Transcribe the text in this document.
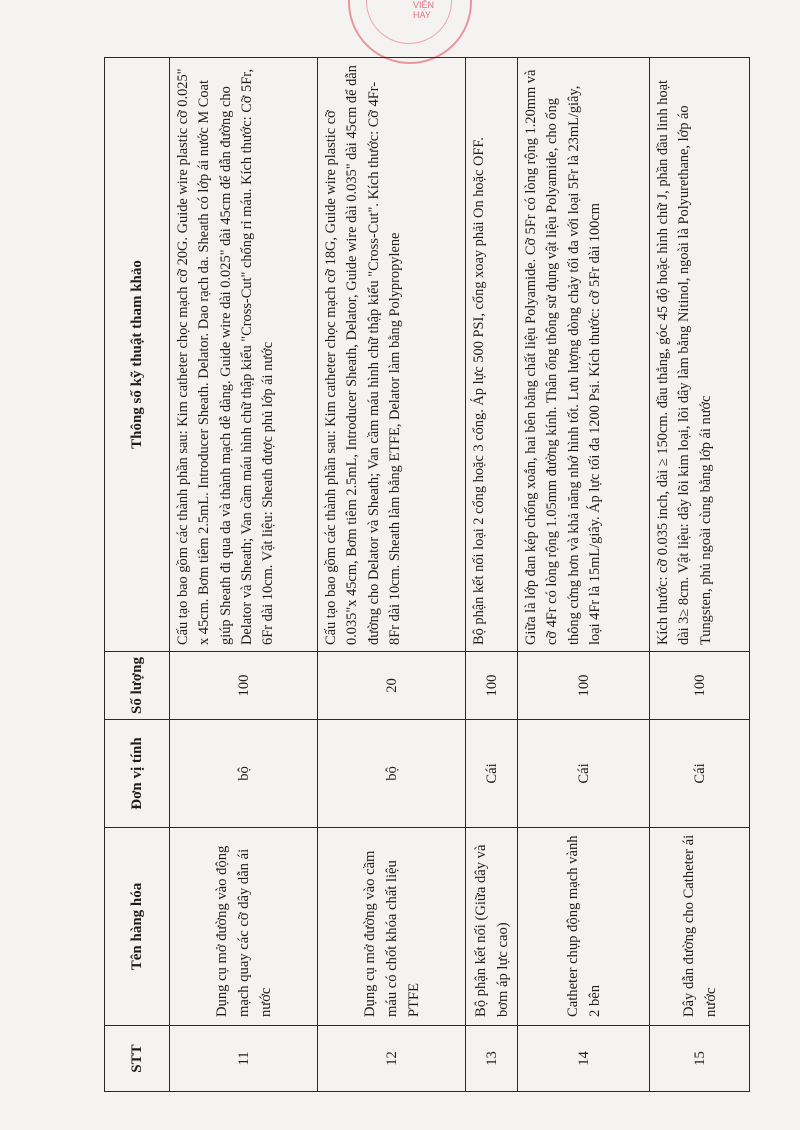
VIỆN
HAY
STT	Tên hàng hóa	Đơn vị tính	Số lượng	Thông số kỹ thuật tham khảo
11	Dụng cụ mở đường vào động mạch quay các cỡ dây dẫn ái nước	bộ	100	Cấu tạo bao gồm các thành phần sau: Kim catheter chọc mạch cỡ 20G. Guide wire plastic cỡ 0.025" x 45cm. Bơm tiêm 2.5mL. Introducer Sheath. Delator. Dao rạch da. Sheath có lớp ái nước M Coat giúp Sheath đi qua da và thành mạch dễ dàng. Guide wire dài 0.025" dài 45cm để dẫn đường cho Delator và Sheath; Van cầm máu hình chữ thập kiểu "Cross-Cut" chống rỉ máu. Kích thước: Cỡ 5Fr, 6Fr dài 10cm. Vật liệu: Sheath được phủ lớp ái nước
12	Dụng cụ mở đường vào cầm máu có chốt khóa chất liệu PTFE	bộ	20	Cấu tạo bao gồm các thành phần sau: Kim catheter chọc mạch cỡ 18G, Guide wire plastic cỡ 0.035"x 45cm, Bơm tiêm 2.5mL, Introducer Sheath, Delator, Guide wire dài 0.035" dài 45cm để dẫn đường cho Delator và Sheath; Van cầm máu hình chữ thập kiểu "Cross-Cut". Kích thước: Cỡ 4Fr-8Fr dài 10cm. Sheath làm bằng ETFE, Delator làm bằng Polypropylene
13	Bộ phận kết nối (Giữa dây và bơm áp lực cao)	Cái	100	Bộ phận kết nối loại 2 cổng hoặc 3 cổng. Áp lực 500 PSI, cổng xoay phải On hoặc OFF.
14	Catheter chụp động mạch vành 2 bên	Cái	100	Giữa là lớp đan kép chống xoắn, hai bên bằng chất liệu Polyamide. Cỡ 5Fr có lòng rộng 1.20mm và cỡ 4Fr có lòng rộng 1.05mm đường kính. Thân ống thông sử dụng vật liệu Polyamide, cho ống thông cứng hơn và khả năng nhớ hình tốt. Lưu lượng dòng chảy tối đa với loại 5Fr là 23mL/giây, loại 4Fr là 15mL/giây. Áp lực tối đa 1200 Psi. Kích thước: cỡ 5Fr dài 100cm
15	Dây dẫn đường cho Catheter ái nước	Cái	100	Kích thước: cỡ 0.035 inch, dài ≥ 150cm. đầu thẳng, góc 45 độ hoặc hình chữ J, phần đầu linh hoạt dài 3≥ 8cm. Vật liệu: dây lõi kim loại, lõi dây làm bằng Nitinol, ngoài là Polyurethane, lớp áo Tungsten, phủ ngoài cùng bằng lớp ái nước
